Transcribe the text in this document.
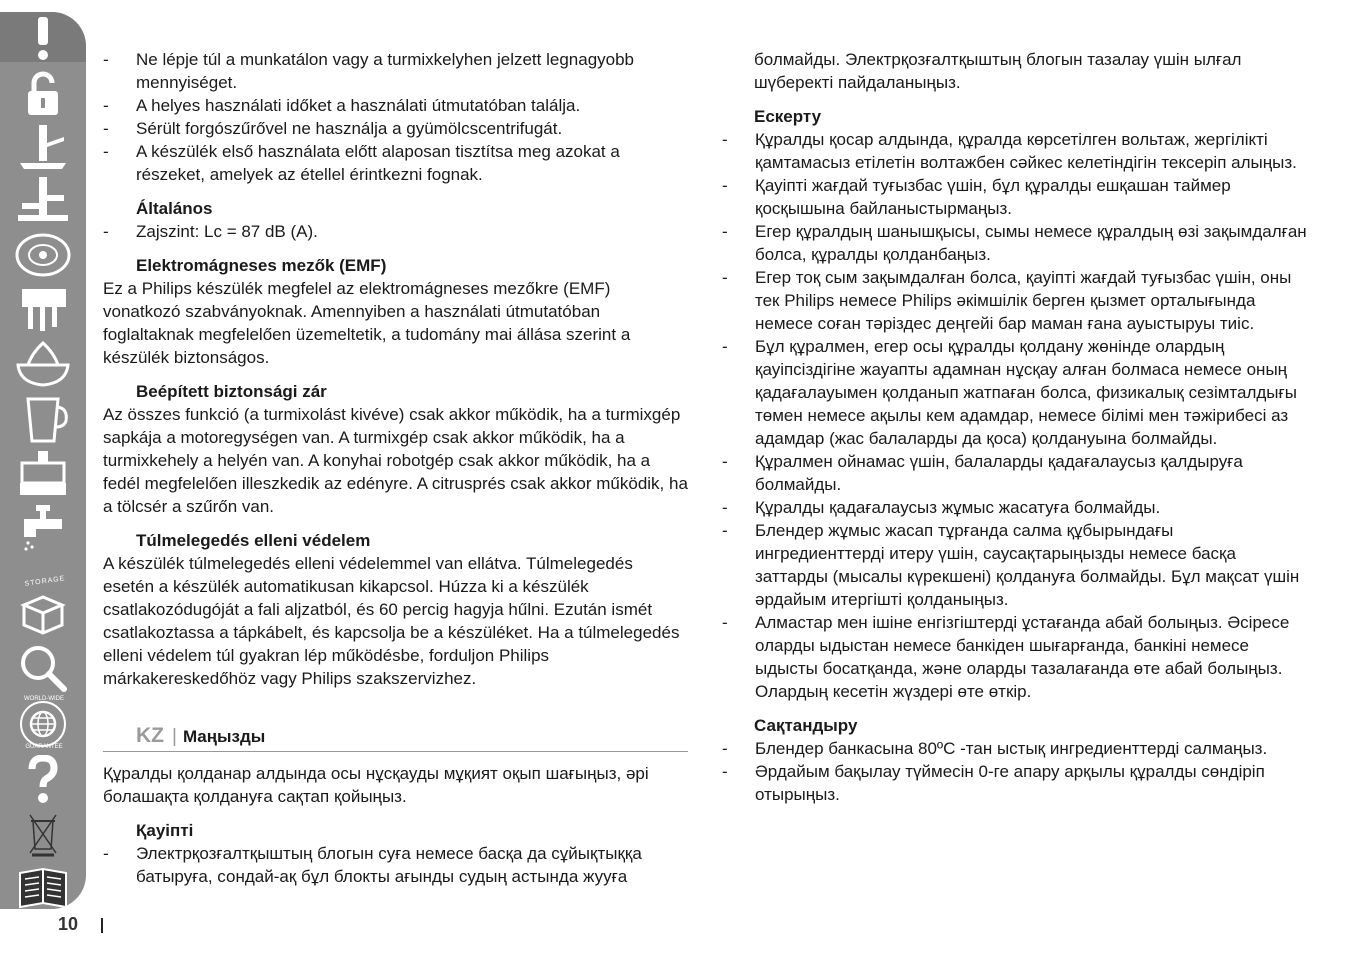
STORAGE
WORLD-WIDE
GUARANTEE
10
- Ne lépje túl a munkatálon vagy a turmixkelyhen jelzett legnagyobb mennyiséget.
- A helyes használati időket a használati útmutatóban találja.
- Sérült forgószűrővel ne használja a gyümölcscentrifugát.
- A készülék első használata előtt alaposan tisztítsa meg azokat a részeket, amelyek az étellel érintkezni fognak.
Általános
- Zajszint: Lc = 87 dB (A).
Elektromágneses mezők (EMF)

Ez a Philips készülék megfelel az elektromágneses mezőkre (EMF) vonatkozó szabványoknak. Amennyiben a használati útmutatóban foglaltaknak megfelelően üzemeltetik, a tudomány mai állása szerint a készülék biztonságos.

Beépített biztonsági zár

Az összes funkció (a turmixolást kivéve) csak akkor működik, ha a turmixgép sapkája a motoregységen van. A turmixgép csak akkor működik, ha a turmixkehely a helyén van. A konyhai robotgép csak akkor működik, ha a fedél megfelelően illeszkedik az edényre. A citrusprés csak akkor működik, ha a tölcsér a szűrőn van.

Túlmelegedés elleni védelem

A készülék túlmelegedés elleni védelemmel van ellátva. Túlmelegedés esetén a készülék automatikusan kikapcsol. Húzza ki a készülék csatlakozódugóját a fali aljzatból, és 60 percig hagyja hűlni. Ezután ismét csatlakoztassa a tápkábelt, és kapcsolja be a készüléket. Ha a túlmelegedés elleni védelem túl gyakran lép működésbe, forduljon Philips márkakereskedőhöz vagy Philips szakszervizhez.

KZ | Маңызды

Құралды қолданар алдында осы нұсқауды мұқият оқып шағыңыз, әрі болашақта қолдануға сақтап қойыңыз.

Қауіпті
- Электрқозғалтқыштың блогын суға немесе басқа да сұйықтыққа батыруға, сондай-ақ бұл блокты ағынды судың астында жууға

болмайды. Электрқозғалтқыштың блогын тазалау үшін ылғал шүберекті пайдаланыңыз.

Ескерту
- Құралды қосар алдында, құралда көрсетілген вольтаж, жергілікті қамтамасыз етілетін волтажбен сәйкес келетіндігін тексеріп алыңыз.
- Қауіпті жағдай туғызбас үшін, бұл құралды ешқашан таймер қосқышына байланыстырмаңыз.
- Егер құралдың шанышқысы, сымы немесе құралдың өзі зақымдалған болса, құралды қолданбаңыз.
- Егер тоқ сым зақымдалған болса, қауіпті жағдай туғызбас үшін, оны тек Philips немесе Philips әкімшілік берген қызмет орталығында немесе соған тәріздес деңгейі бар маман ғана ауыстыруы тиіс.
- Бұл құралмен, егер осы құралды қолдану жөнінде олардың қауіпсіздігіне жауапты адамнан нұсқау алған болмаса немесе оның қадағалауымен қолданып жатпаған болса, физикалық сезімталдығы төмен немесе ақылы кем адамдар, немесе білімі мен тәжірибесі аз адамдар (жас балаларды да қоса) қолдануына болмайды.
- Құралмен ойнамас үшін, балаларды қадағалаусыз қалдыруға болмайды.
- Құралды қадағалаусыз жұмыс жасатуға болмайды.
- Блендер жұмыс жасап тұрғанда салма құбырындағы ингредиенттерді итеру үшін, саусақтарыңызды немесе басқа заттарды (мысалы күрекшені) қолдануға болмайды. Бұл мақсат үшін әрдайым итергішті қолданыңыз.
- Алмастар мен ішіне енгізгіштерді ұстағанда абай болыңыз. Әсіресе оларды ыдыстан немесе банкіден шығарғанда, банкіні немесе ыдысты босатқанда, және оларды тазалағанда өте абай болыңыз. Олардың кесетін жүздері өте өткір.
Сақтандыру
- Блендер банкасына 80ºC -тан ыстық ингредиенттерді салмаңыз.
- Әрдайым бақылау түймесін 0-ге апару арқылы құралды сөндіріп отырыңыз.
